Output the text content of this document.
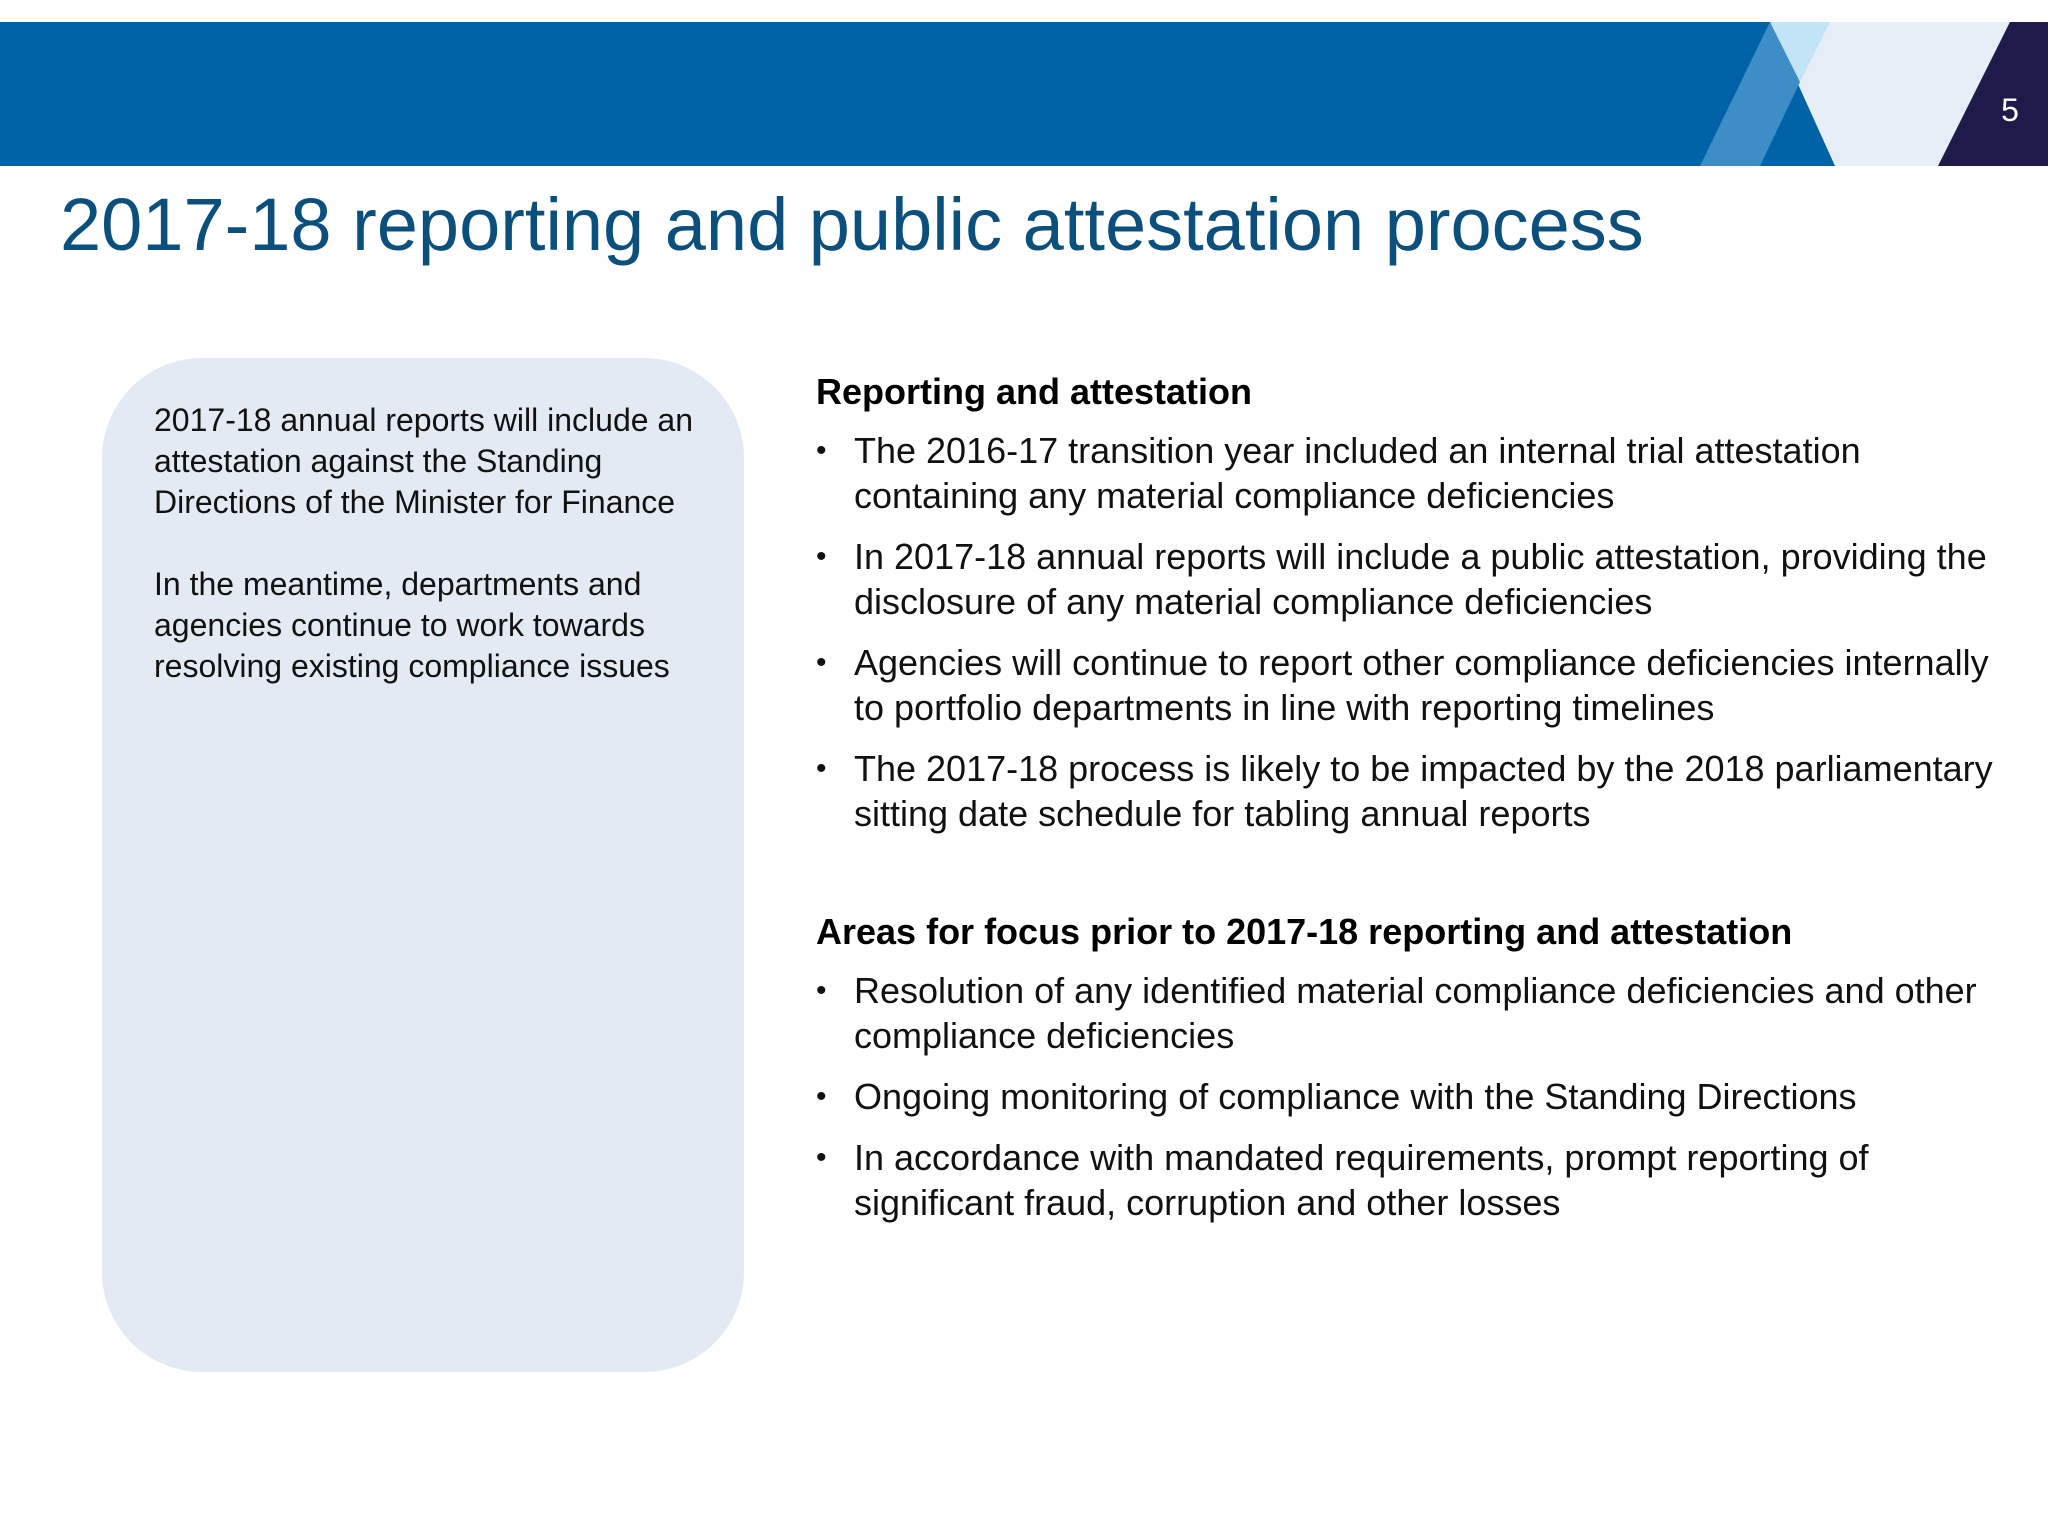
5
2017-18 reporting and public attestation process

2017-18 annual reports will include an attestation against the Standing Directions of the Minister for Finance

In the meantime, departments and agencies continue to work towards resolving existing compliance issues

Reporting and attestation
• The 2016-17 transition year included an internal trial attestation containing any material compliance deficiencies
• In 2017-18 annual reports will include a public attestation, providing the disclosure of any material compliance deficiencies
• Agencies will continue to report other compliance deficiencies internally to portfolio departments in line with reporting timelines
• The 2017-18 process is likely to be impacted by the 2018 parliamentary sitting date schedule for tabling annual reports
Areas for focus prior to 2017-18 reporting and attestation
• Resolution of any identified material compliance deficiencies and other compliance deficiencies
• Ongoing monitoring of compliance with the Standing Directions
• In accordance with mandated requirements, prompt reporting of significant fraud, corruption and other losses
